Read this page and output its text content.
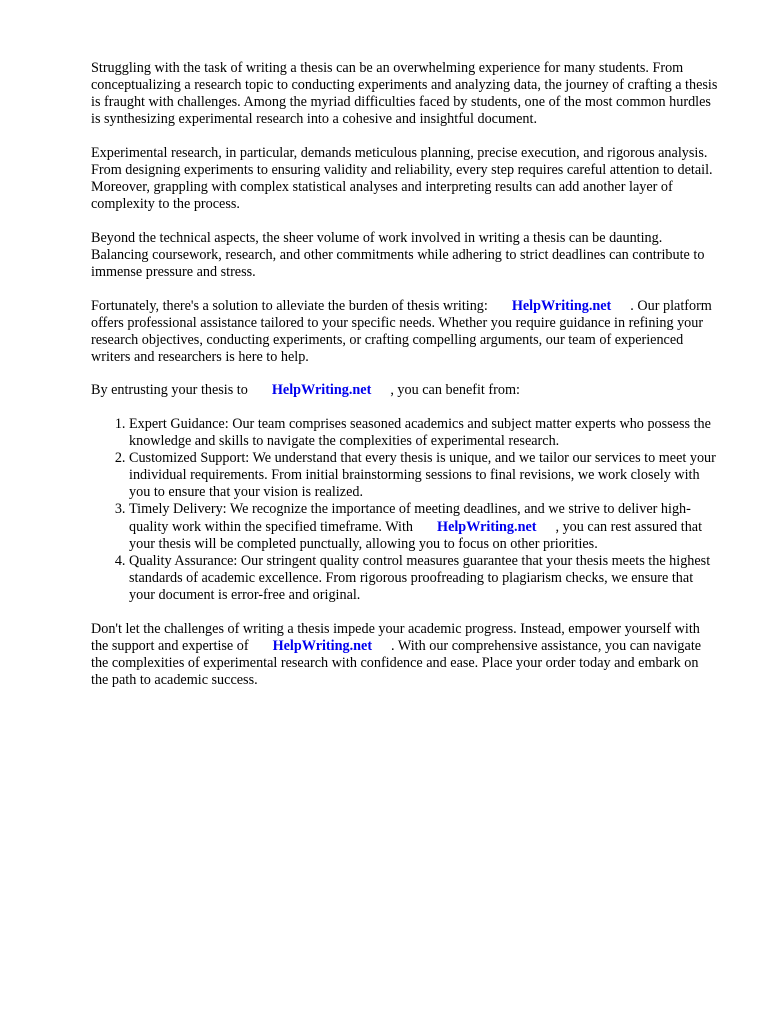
Struggling with the task of writing a thesis can be an overwhelming experience for many students. From conceptualizing a research topic to conducting experiments and analyzing data, the journey of crafting a thesis is fraught with challenges. Among the myriad difficulties faced by students, one of the most common hurdles is synthesizing experimental research into a cohesive and insightful document.

Experimental research, in particular, demands meticulous planning, precise execution, and rigorous analysis. From designing experiments to ensuring validity and reliability, every step requires careful attention to detail. Moreover, grappling with complex statistical analyses and interpreting results can add another layer of complexity to the process.

Beyond the technical aspects, the sheer volume of work involved in writing a thesis can be daunting. Balancing coursework, research, and other commitments while adhering to strict deadlines can contribute to immense pressure and stress.

Fortunately, there's a solution to alleviate the burden of thesis writing: HelpWriting.net . Our platform offers professional assistance tailored to your specific needs. Whether you require guidance in refining your research objectives, conducting experiments, or crafting compelling arguments, our team of experienced writers and researchers is here to help.

By entrusting your thesis to HelpWriting.net , you can benefit from:

1. Expert Guidance: Our team comprises seasoned academics and subject matter experts who possess the knowledge and skills to navigate the complexities of experimental research.
2. Customized Support: We understand that every thesis is unique, and we tailor our services to meet your individual requirements. From initial brainstorming sessions to final revisions, we work closely with you to ensure that your vision is realized.
3. Timely Delivery: We recognize the importance of meeting deadlines, and we strive to deliver high-quality work within the specified timeframe. With HelpWriting.net , you can rest assured that your thesis will be completed punctually, allowing you to focus on other priorities.
4. Quality Assurance: Our stringent quality control measures guarantee that your thesis meets the highest standards of academic excellence. From rigorous proofreading to plagiarism checks, we ensure that your document is error-free and original.

Don't let the challenges of writing a thesis impede your academic progress. Instead, empower yourself with the support and expertise of HelpWriting.net . With our comprehensive assistance, you can navigate the complexities of experimental research with confidence and ease. Place your order today and embark on the path to academic success.
